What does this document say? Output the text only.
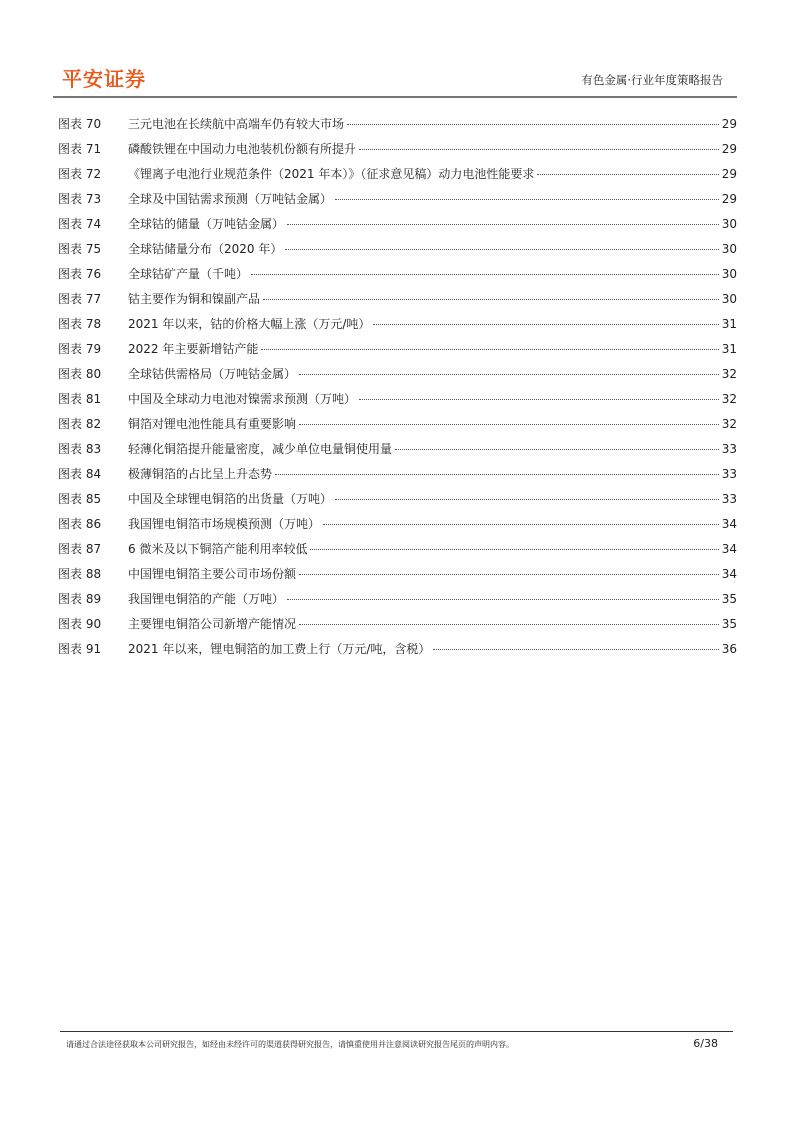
平安证券	有色金属·行业年度策略报告
图表 70	三元电池在长续航中高端车仍有较大市场	29
图表 71	磷酸铁锂在中国动力电池装机份额有所提升	29
图表 72	《锂离子电池行业规范条件（2021 年本）》（征求意见稿）动力电池性能要求	29
图表 73	全球及中国钴需求预测（万吨钴金属）	29
图表 74	全球钴的储量（万吨钴金属）	30
图表 75	全球钴储量分布（2020 年）	30
图表 76	全球钴矿产量（千吨）	30
图表 77	钴主要作为铜和镍副产品	30
图表 78	2021 年以来，钴的价格大幅上涨（万元/吨）	31
图表 79	2022 年主要新增钴产能	31
图表 80	全球钴供需格局（万吨钴金属）	32
图表 81	中国及全球动力电池对镍需求预测（万吨）	32
图表 82	铜箔对锂电池性能具有重要影响	32
图表 83	轻薄化铜箔提升能量密度，减少单位电量铜使用量	33
图表 84	极薄铜箔的占比呈上升态势	33
图表 85	中国及全球锂电铜箔的出货量（万吨）	33
图表 86	我国锂电铜箔市场规模预测（万吨）	34
图表 87	6 微米及以下铜箔产能利用率较低	34
图表 88	中国锂电铜箔主要公司市场份额	34
图表 89	我国锂电铜箔的产能（万吨）	35
图表 90	主要锂电铜箔公司新增产能情况	35
图表 91	2021 年以来，锂电铜箔的加工费上行（万元/吨，含税）	36
请通过合法途径获取本公司研究报告，如经由未经许可的渠道获得研究报告，请慎重使用并注意阅读研究报告尾页的声明内容。	6/38
